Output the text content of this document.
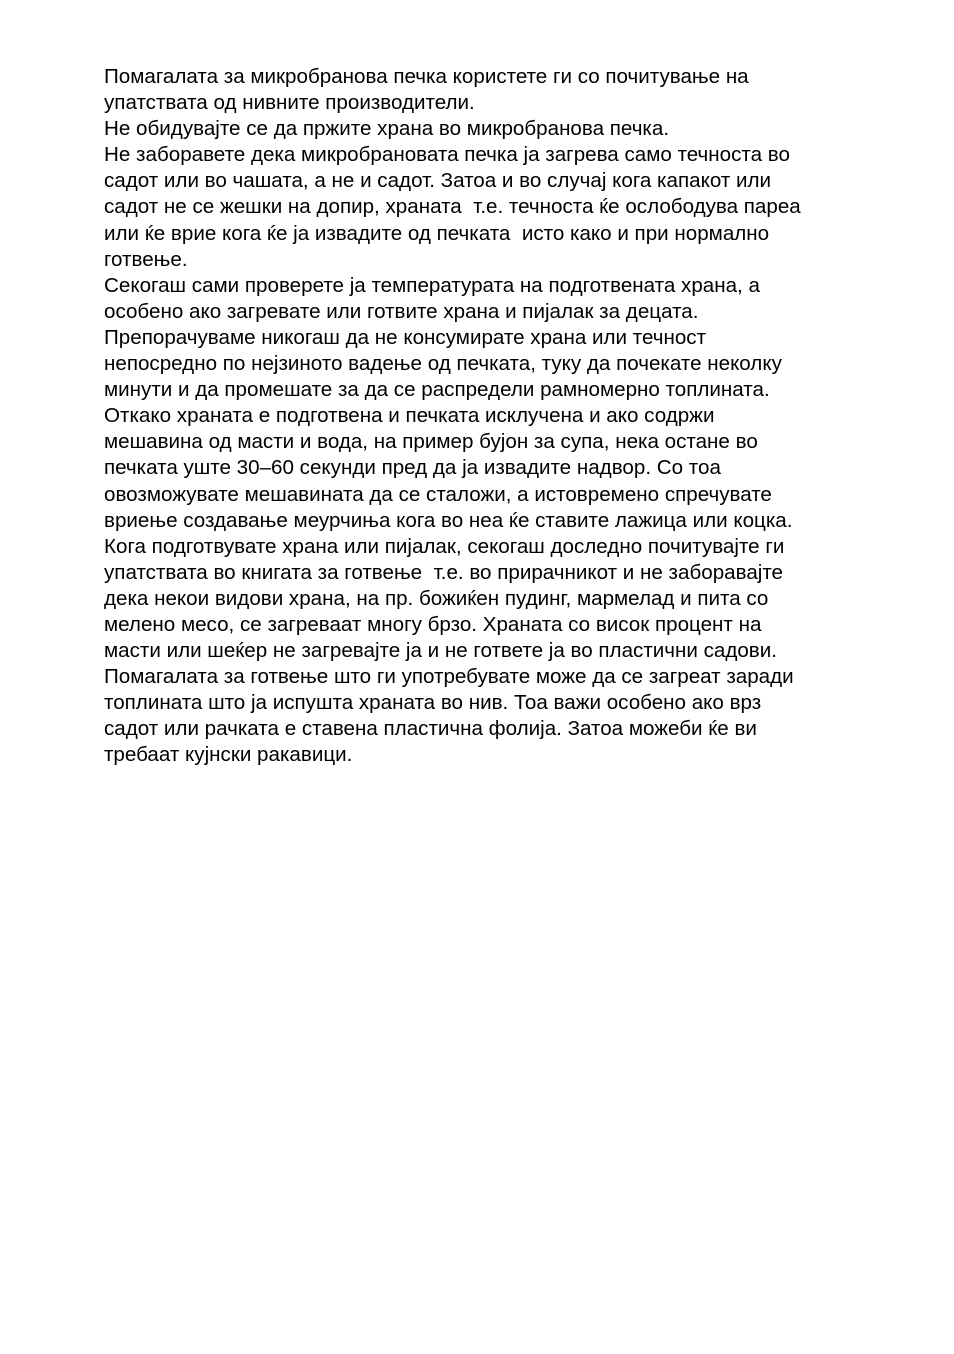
Помагалата за микробранова печка користете ги со почитување на
упатствата од нивните производители.
Не обидувајте се да пржите храна во микробранова печка.
Не заборавете дека микробрановата печка ја загрева само течноста во
садот или во чашата, а не и садот. Затоа и во случај кога капакот или
садот не се жешки на допир, храната  т.е. течноста ќе ослободува пареа
или ќе врие кога ќе ја извадите од печката  исто како и при нормално
готвење.
Секогаш сами проверете ја температурата на подготвената храна, а
особено ако загревате или готвите храна и пијалак за децата.
Препорачуваме никогаш да не консумирате храна или течност
непосредно по нејзиното вадење од печката, туку да почекате неколку
минути и да промешате за да се распредели рамномерно топлината.
Откако храната е подготвена и печката исклучена и ако содржи
мешавина од масти и вода, на пример бујон за супа, нека остане во
печката уште 30–60 секунди пред да ја извадите надвор. Со тоа
овозможувате мешавината да се сталожи, а истовремено спречувате
вриење создавање меурчиња кога во неа ќе ставите лажица или коцка.
Кога подготвувате храна или пијалак, секогаш доследно почитувајте ги
упатствата во книгата за готвење  т.е. во прирачникот и не заборавајте
дека некои видови храна, на пр. божиќен пудинг, мармелад и пита со
мелено месо, се загреваат многу брзо. Храната со висок процент на
масти или шеќер не загревајте ја и не гответе ја во пластични садови.
Помагалата за готвење што ги употребувате може да се загреат заради
топлината што ја испушта храната во нив. Тоа важи особено ако врз
садот или рачката е ставена пластична фолија. Затоа можеби ќе ви
требаат кујнски ракавици.
